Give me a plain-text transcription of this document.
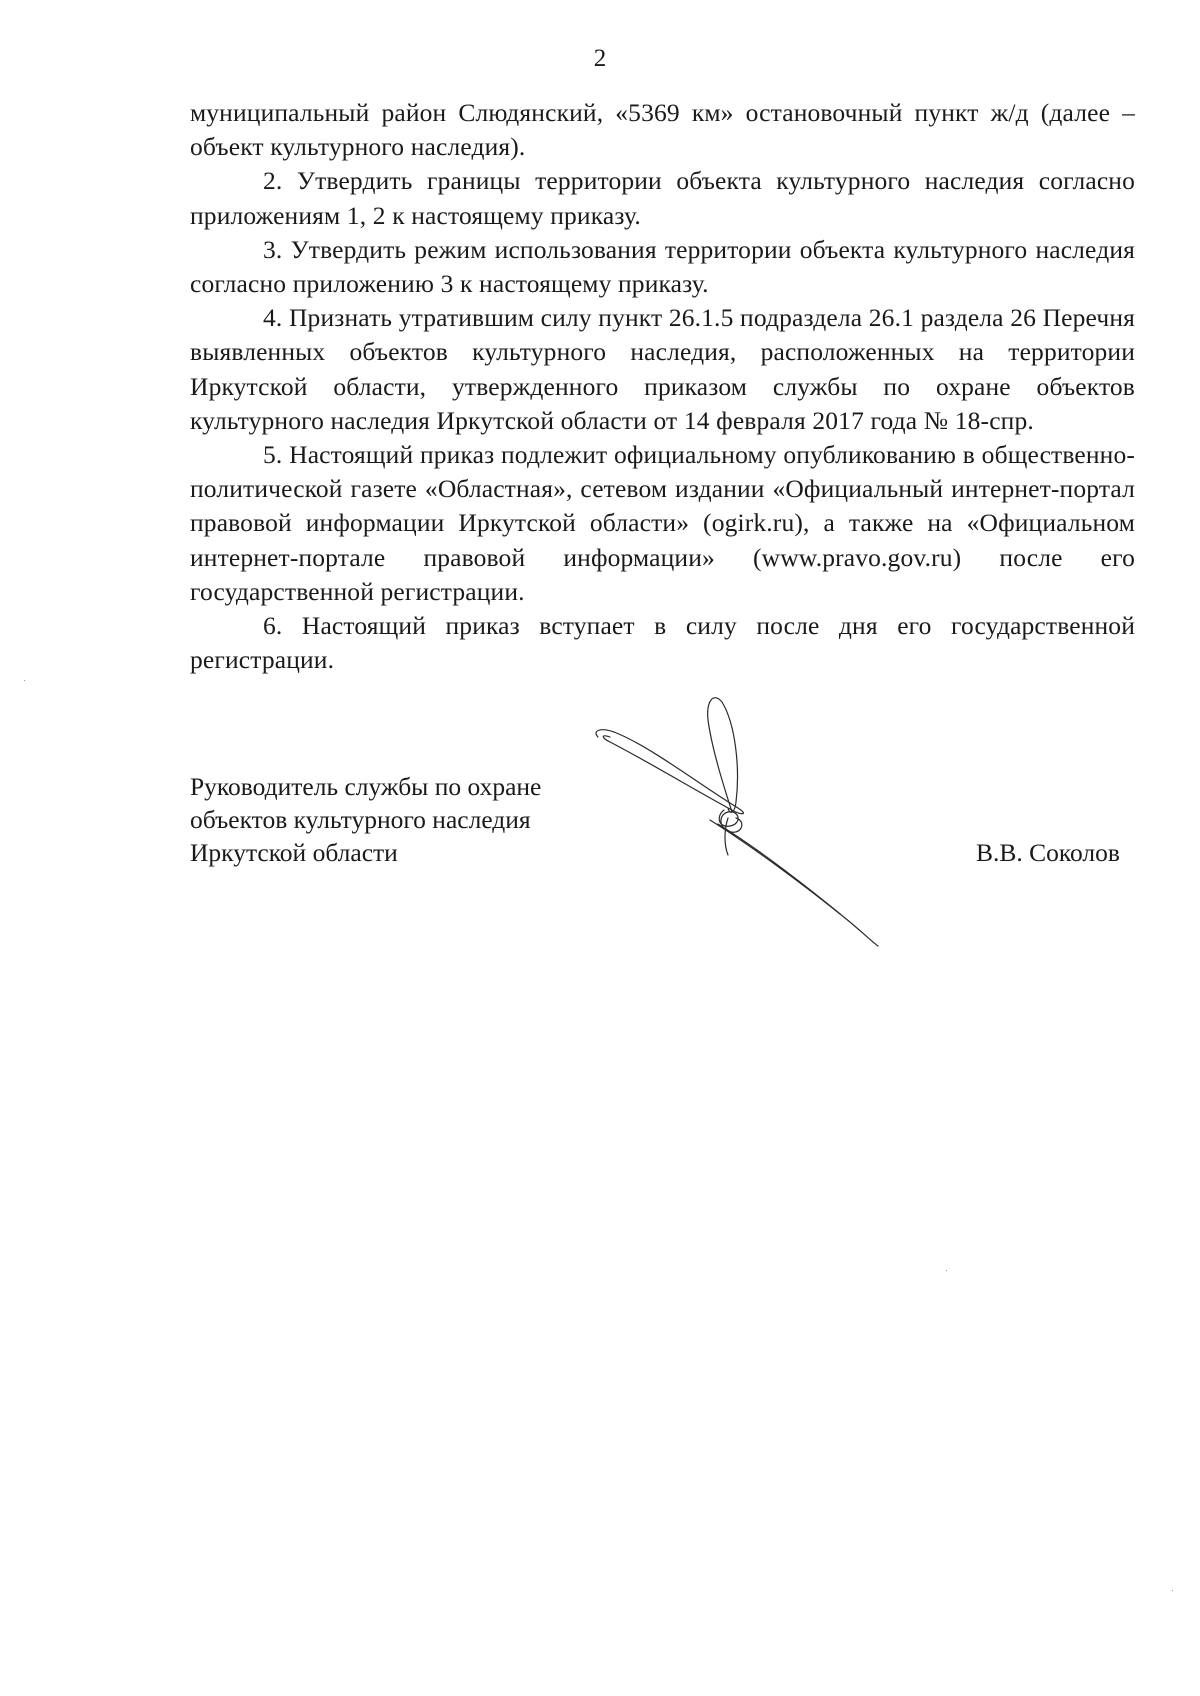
2

муниципальный район Слюдянский, «5369 км» остановочный пункт ж/д (далее – объект культурного наследия).

2. Утвердить границы территории объекта культурного наследия согласно приложениям 1, 2 к настоящему приказу.

3. Утвердить режим использования территории объекта культурного наследия согласно приложению 3 к настоящему приказу.

4. Признать утратившим силу пункт 26.1.5 подраздела 26.1 раздела 26 Перечня выявленных объектов культурного наследия, расположенных на территории Иркутской области, утвержденного приказом службы по охране объектов культурного наследия Иркутской области от 14 февраля 2017 года № 18-спр.

5. Настоящий приказ подлежит официальному опубликованию в общественно-политической газете «Областная», сетевом издании «Официальный интернет-портал правовой информации Иркутской области» (ogirk.ru), а также на «Официальном интернет-портале правовой информации» (www.pravo.gov.ru) после его государственной регистрации.

6. Настоящий приказ вступает в силу после дня его государственной регистрации.

Руководитель службы по охране
объектов культурного наследия
Иркутской области	В.В. Соколов
